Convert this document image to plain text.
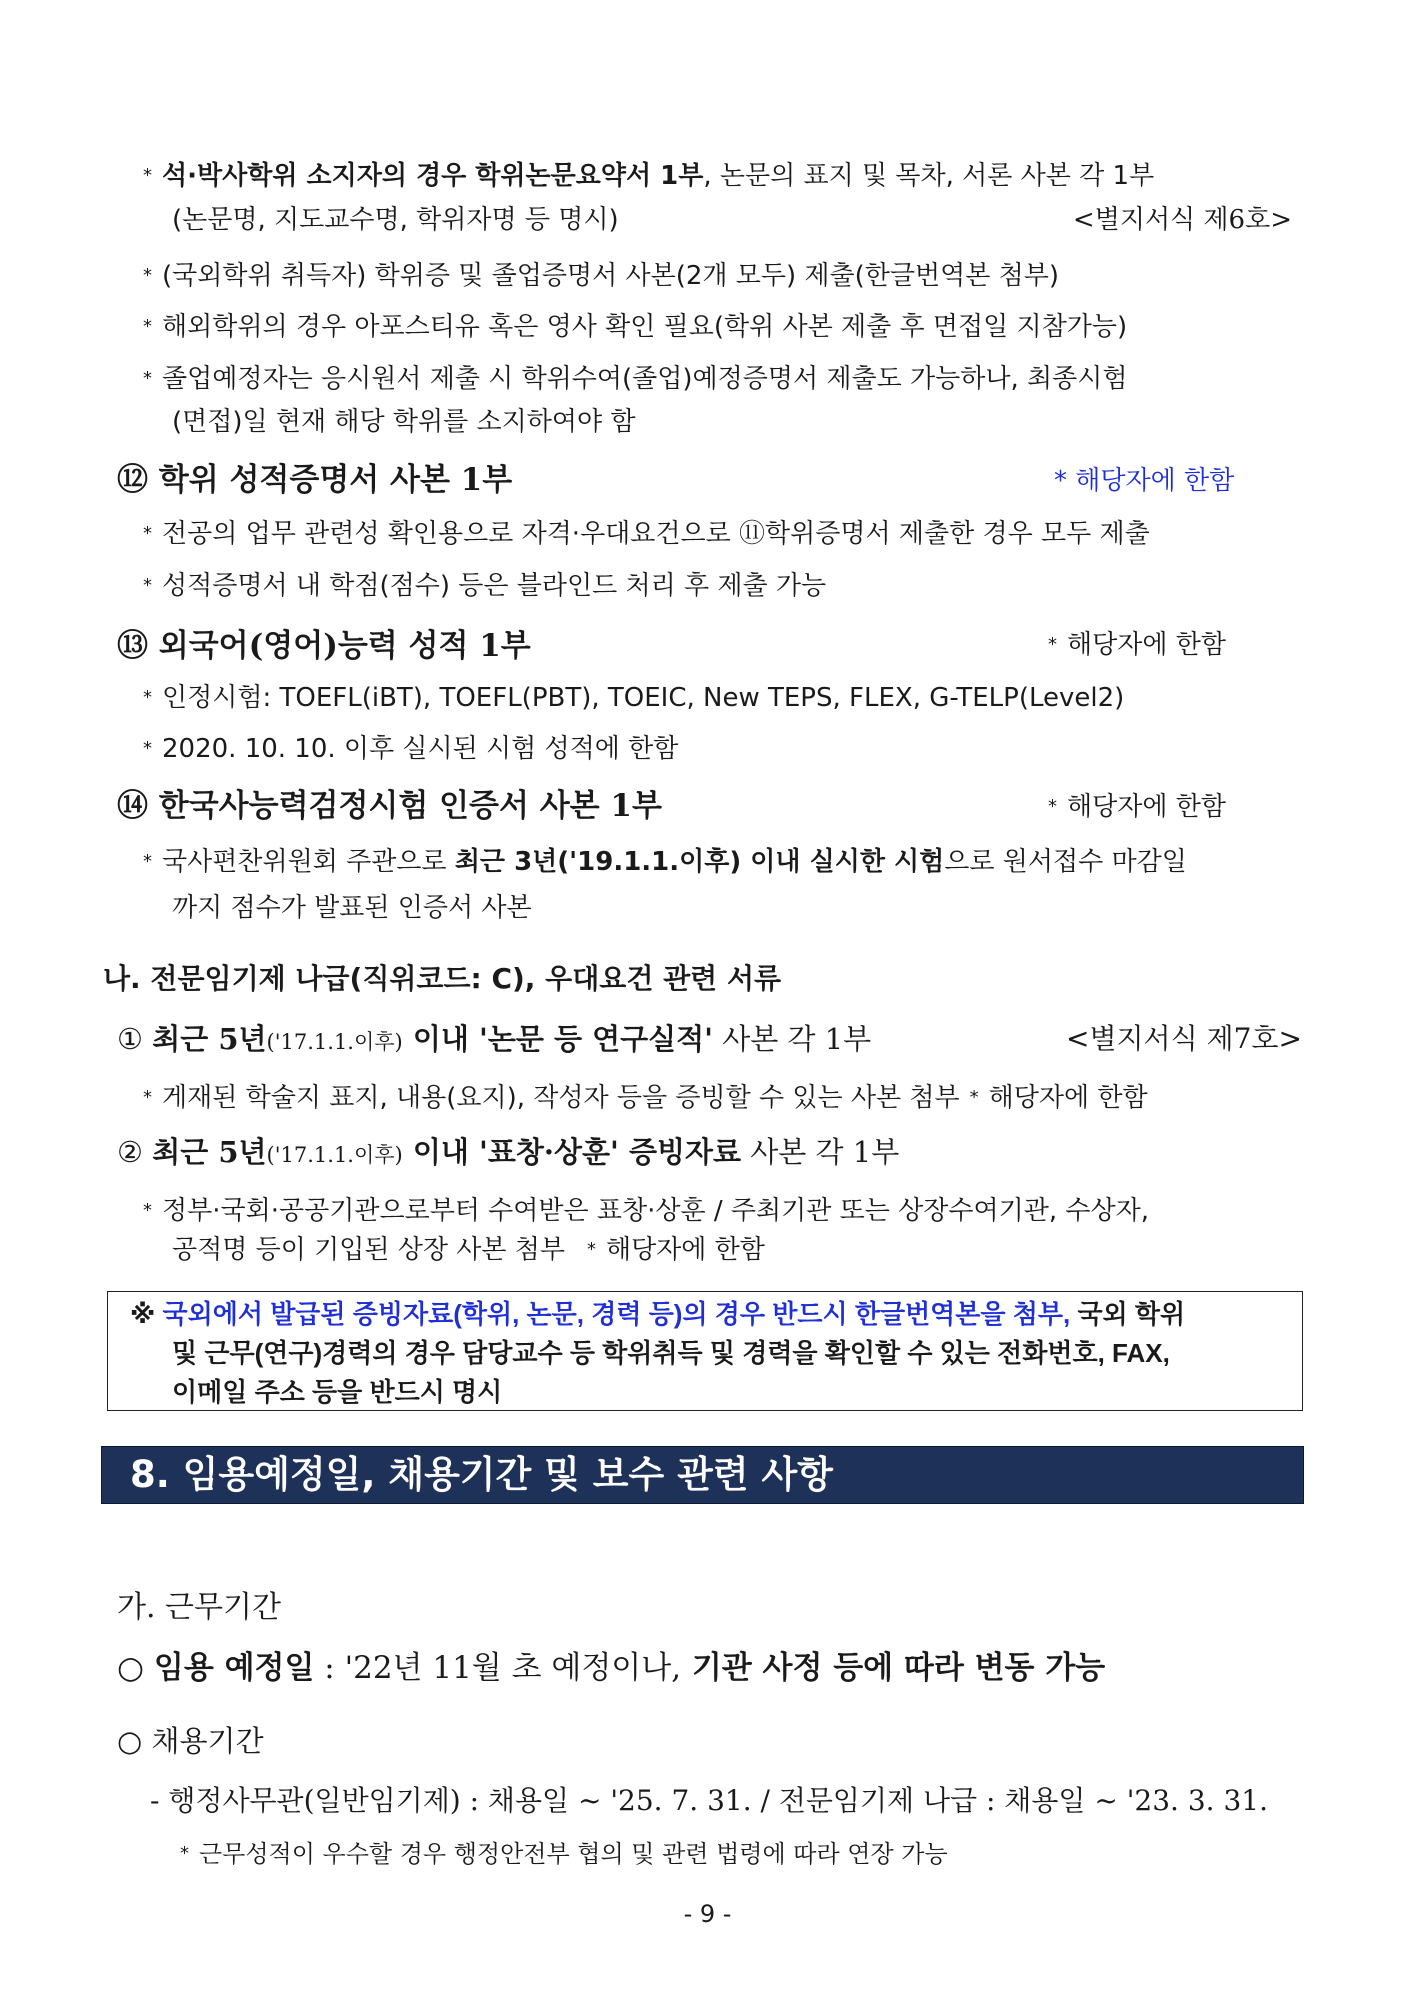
* 석·박사학위 소지자의 경우 학위논문요약서 1부, 논문의 표지 및 목차, 서론 사본 각 1부
(논문명, 지도교수명, 학위자명 등 명시)	<별지서식 제6호>
* (국외학위 취득자) 학위증 및 졸업증명서 사본(2개 모두) 제출(한글번역본 첨부)
* 해외학위의 경우 아포스티유 혹은 영사 확인 필요(학위 사본 제출 후 면접일 지참가능)
* 졸업예정자는 응시원서 제출 시 학위수여(졸업)예정증명서 제출도 가능하나, 최종시험
(면접)일 현재 해당 학위를 소지하여야 함
⑫ 학위 성적증명서 사본 1부	* 해당자에 한함
* 전공의 업무 관련성 확인용으로 자격·우대요건으로 ⑪학위증명서 제출한 경우 모두 제출
* 성적증명서 내 학점(점수) 등은 블라인드 처리 후 제출 가능
⑬ 외국어(영어)능력 성적 1부	* 해당자에 한함
* 인정시험: TOEFL(iBT), TOEFL(PBT), TOEIC, New TEPS, FLEX, G-TELP(Level2)
* 2020. 10. 10. 이후 실시된 시험 성적에 한함
⑭ 한국사능력검정시험 인증서 사본 1부	* 해당자에 한함
* 국사편찬위원회 주관으로 최근 3년('19.1.1.이후) 이내 실시한 시험으로 원서접수 마감일
까지 점수가 발표된 인증서 사본
나. 전문임기제 나급(직위코드: C), 우대요건 관련 서류
① 최근 5년('17.1.1.이후) 이내 '논문 등 연구실적' 사본 각 1부	<별지서식 제7호>
* 게재된 학술지 표지, 내용(요지), 작성자 등을 증빙할 수 있는 사본 첨부 * 해당자에 한함
② 최근 5년('17.1.1.이후) 이내 '표창·상훈' 증빙자료 사본 각 1부
* 정부·국회·공공기관으로부터 수여받은 표창·상훈 / 주최기관 또는 상장수여기관, 수상자,
공적명 등이 기입된 상장 사본 첨부 * 해당자에 한함
※ 국외에서 발급된 증빙자료(학위, 논문, 경력 등)의 경우 반드시 한글번역본을 첨부, 국외 학위
및 근무(연구)경력의 경우 담당교수 등 학위취득 및 경력을 확인할 수 있는 전화번호, FAX,
이메일 주소 등을 반드시 명시
8. 임용예정일, 채용기간 및 보수 관련 사항
가. 근무기간
○ 임용 예정일 : '22년 11월 초 예정이나, 기관 사정 등에 따라 변동 가능
○ 채용기간
- 행정사무관(일반임기제) : 채용일 ~ '25. 7. 31. / 전문임기제 나급 : 채용일 ~ '23. 3. 31.
* 근무성적이 우수할 경우 행정안전부 협의 및 관련 법령에 따라 연장 가능
- 9 -
